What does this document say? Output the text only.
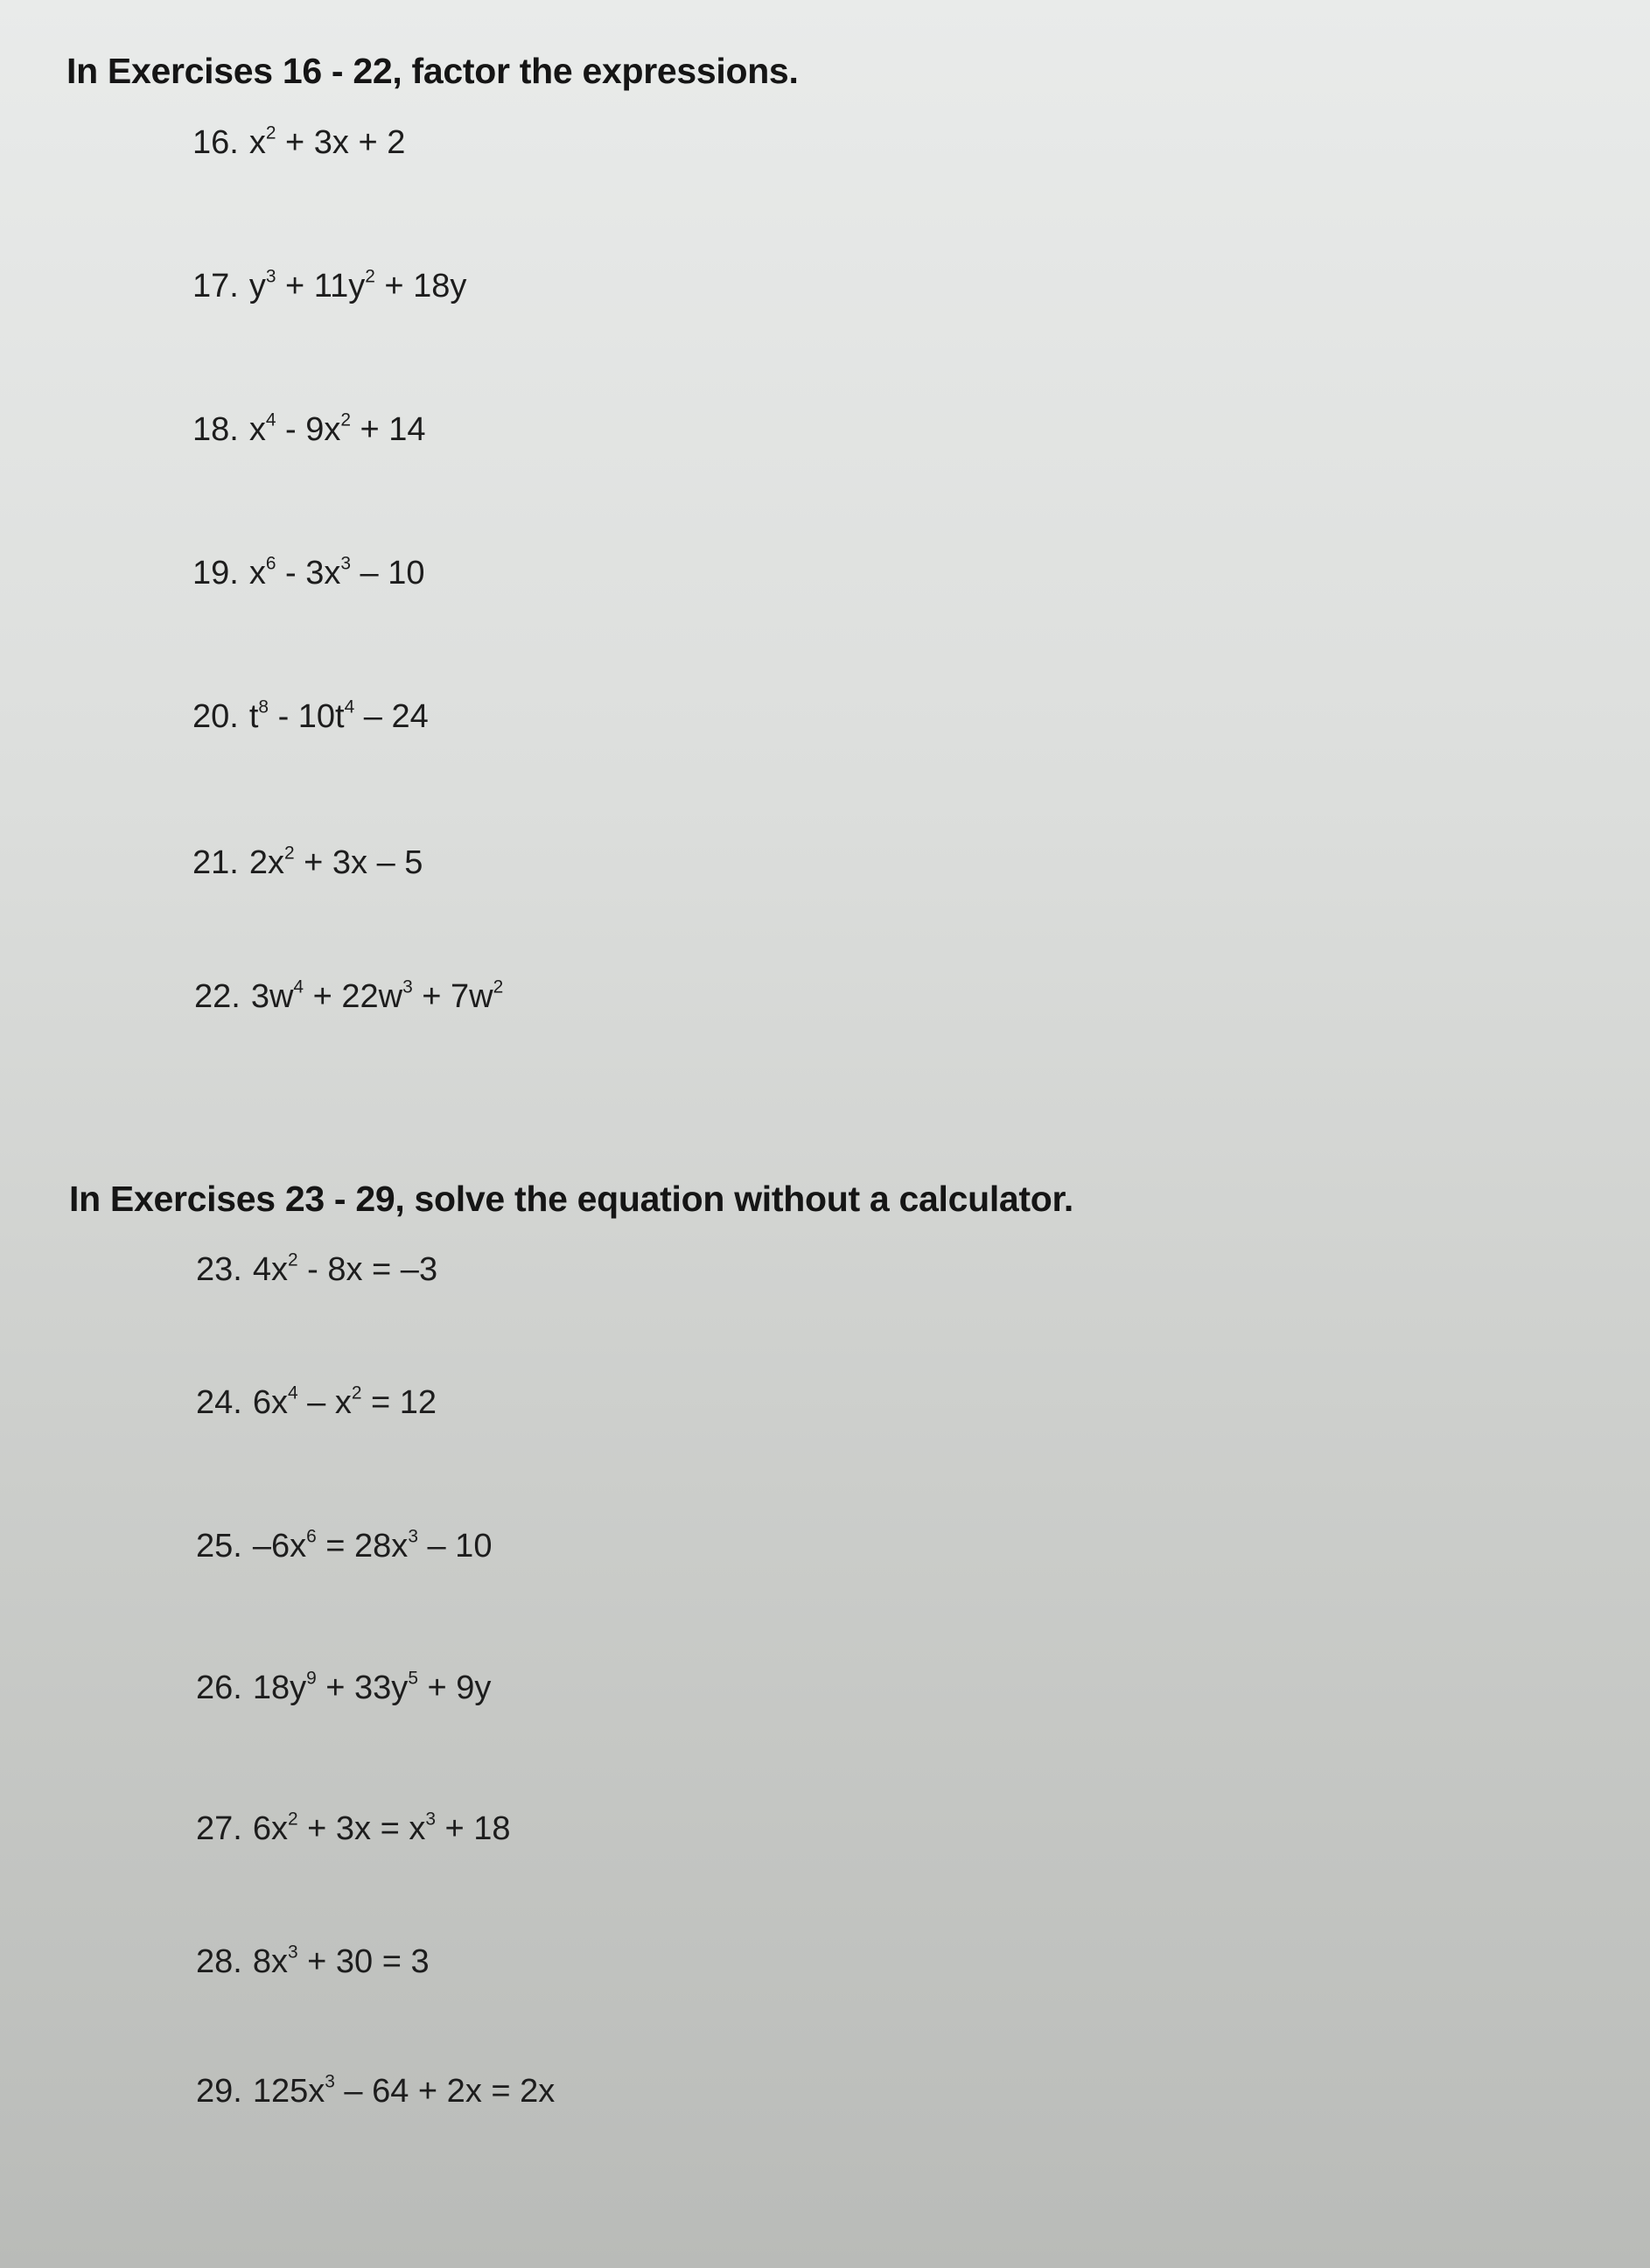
In Exercises 16 - 22, factor the expressions.
16. $x^2 + 3x + 2$
17. $y^3 + 11y^2 + 18y$
18. $x^4 - 9x^2 + 14$
19. $x^6 - 3x^3 - 10$
20. $t^8 - 10t^4 - 24$
21. $2x^2 + 3x - 5$
22. $3w^4 + 22w^3 + 7w^2$
In Exercises 23 - 29, solve the equation without a calculator.
23. $4x^2 - 8x = -3$
24. $6x^4 - x^2 = 12$
25. $-6x^6 = 28x^3 - 10$
26. $18y^9 + 33y^5 + 9y$
27. $6x^2 + 3x = x^3 + 18$
28. $8x^3 + 30 = 3$
29. $125x^3 - 64 + 2x = 2x$
